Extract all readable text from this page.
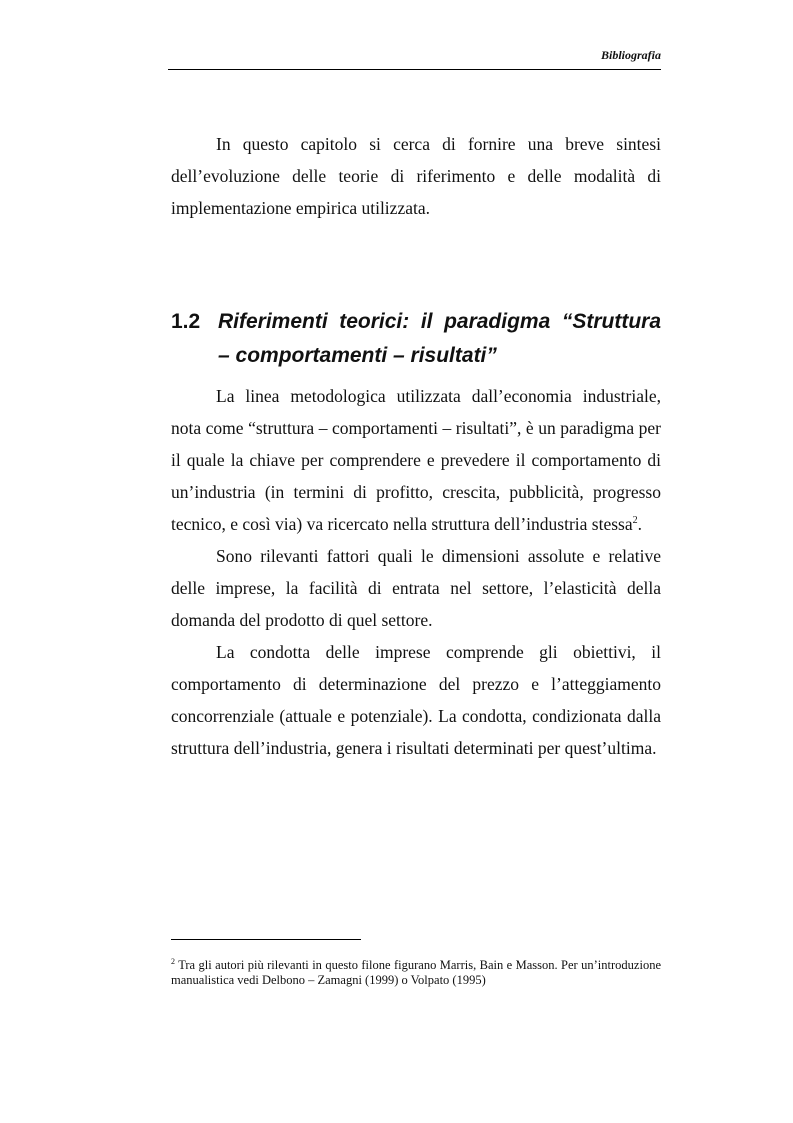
Bibliografia

In questo capitolo si cerca di fornire una breve sintesi dell’evoluzione delle teorie di riferimento e delle modalità di implementazione empirica utilizzata.

1.2 Riferimenti teorici: il paradigma “Struttura
– comportamenti – risultati”

La linea metodologica utilizzata dall’economia industriale, nota come “struttura – comportamenti – risultati”, è un paradigma per il quale la chiave per comprendere e prevedere il comportamento di un’industria (in termini di profitto, crescita, pubblicità, progresso tecnico, e così via) va ricercato nella struttura dell’industria stessa$^2$.

Sono rilevanti fattori quali le dimensioni assolute e relative delle imprese, la facilità di entrata nel settore, l’elasticità della domanda del prodotto di quel settore.

La condotta delle imprese comprende gli obiettivi, il comportamento di determinazione del prezzo e l’atteggiamento concorrenziale (attuale e potenziale). La condotta, condizionata dalla struttura dell’industria, genera i risultati determinati per quest’ultima.

$^2$ Tra gli autori più rilevanti in questo filone figurano Marris, Bain e Masson. Per un’introduzione manualistica vedi Delbono – Zamagni (1999) o Volpato (1995)
